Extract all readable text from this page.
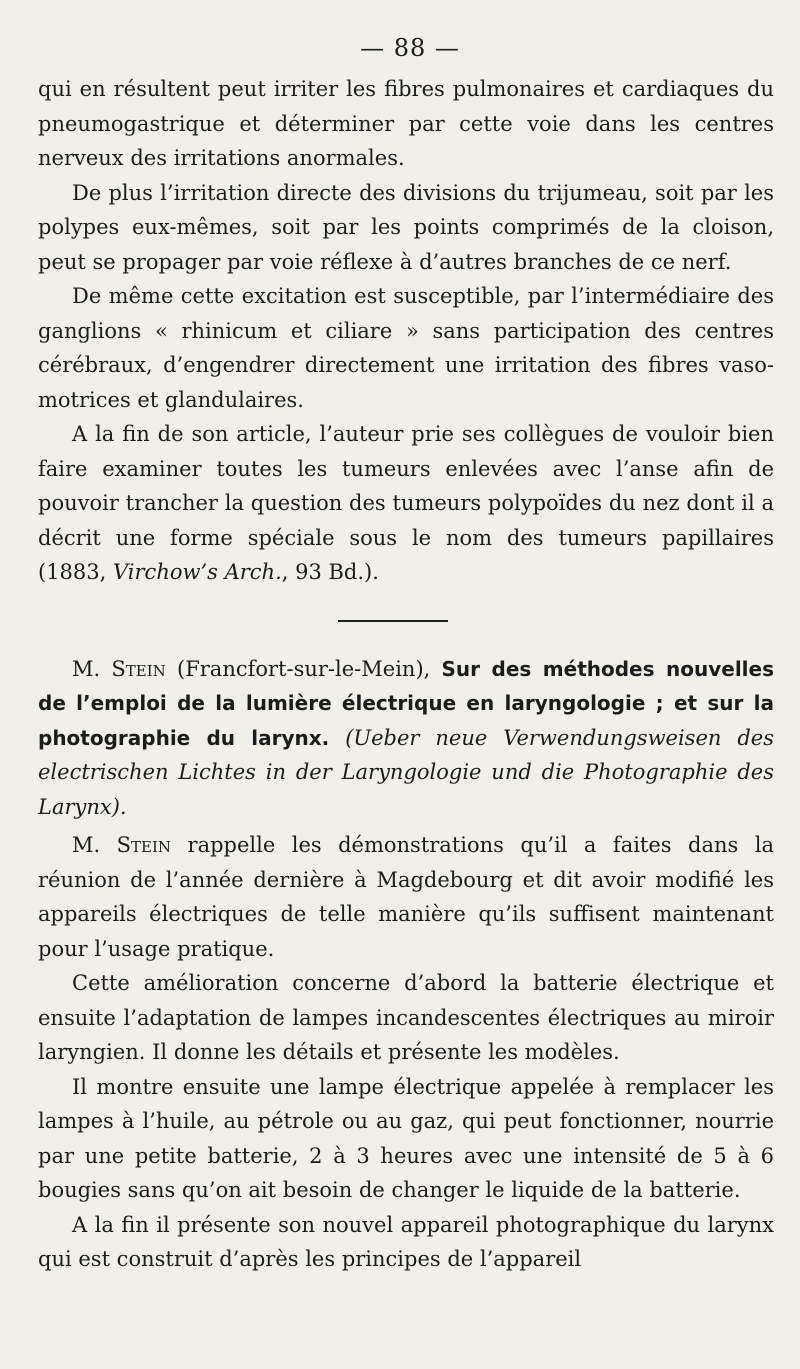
— 88 —

qui en résultent peut irriter les fibres pulmonaires et cardiaques du pneumogastrique et déterminer par cette voie dans les centres nerveux des irritations anormales.

De plus l’irritation directe des divisions du trijumeau, soit par les polypes eux-mêmes, soit par les points comprimés de la cloison, peut se propager par voie réflexe à d’autres branches de ce nerf.

De même cette excitation est susceptible, par l’intermédiaire des ganglions « rhinicum et ciliare » sans participation des centres cérébraux, d’engendrer directement une irritation des fibres vaso-motrices et glandulaires.

A la fin de son article, l’auteur prie ses collègues de vouloir bien faire examiner toutes les tumeurs enlevées avec l’anse afin de pouvoir trancher la question des tumeurs polypoïdes du nez dont il a décrit une forme spéciale sous le nom des tumeurs papillaires (1883, Virchow’s Arch., 93 Bd.).

M. Stein (Francfort-sur-le-Mein), Sur des méthodes nouvelles de l’emploi de la lumière électrique en laryngologie ; et sur la photographie du larynx. (Ueber neue Verwendungsweisen des electrischen Lichtes in der Laryngologie und die Photographie des Larynx).

M. Stein rappelle les démonstrations qu’il a faites dans la réunion de l’année dernière à Magdebourg et dit avoir modifié les appareils électriques de telle manière qu’ils suffisent maintenant pour l’usage pratique.

Cette amélioration concerne d’abord la batterie électrique et ensuite l’adaptation de lampes incandescentes électriques au miroir laryngien. Il donne les détails et présente les modèles.

Il montre ensuite une lampe électrique appelée à remplacer les lampes à l’huile, au pétrole ou au gaz, qui peut fonctionner, nourrie par une petite batterie, 2 à 3 heures avec une intensité de 5 à 6 bougies sans qu’on ait besoin de changer le liquide de la batterie.

A la fin il présente son nouvel appareil photographique du larynx qui est construit d’après les principes de l’appareil
